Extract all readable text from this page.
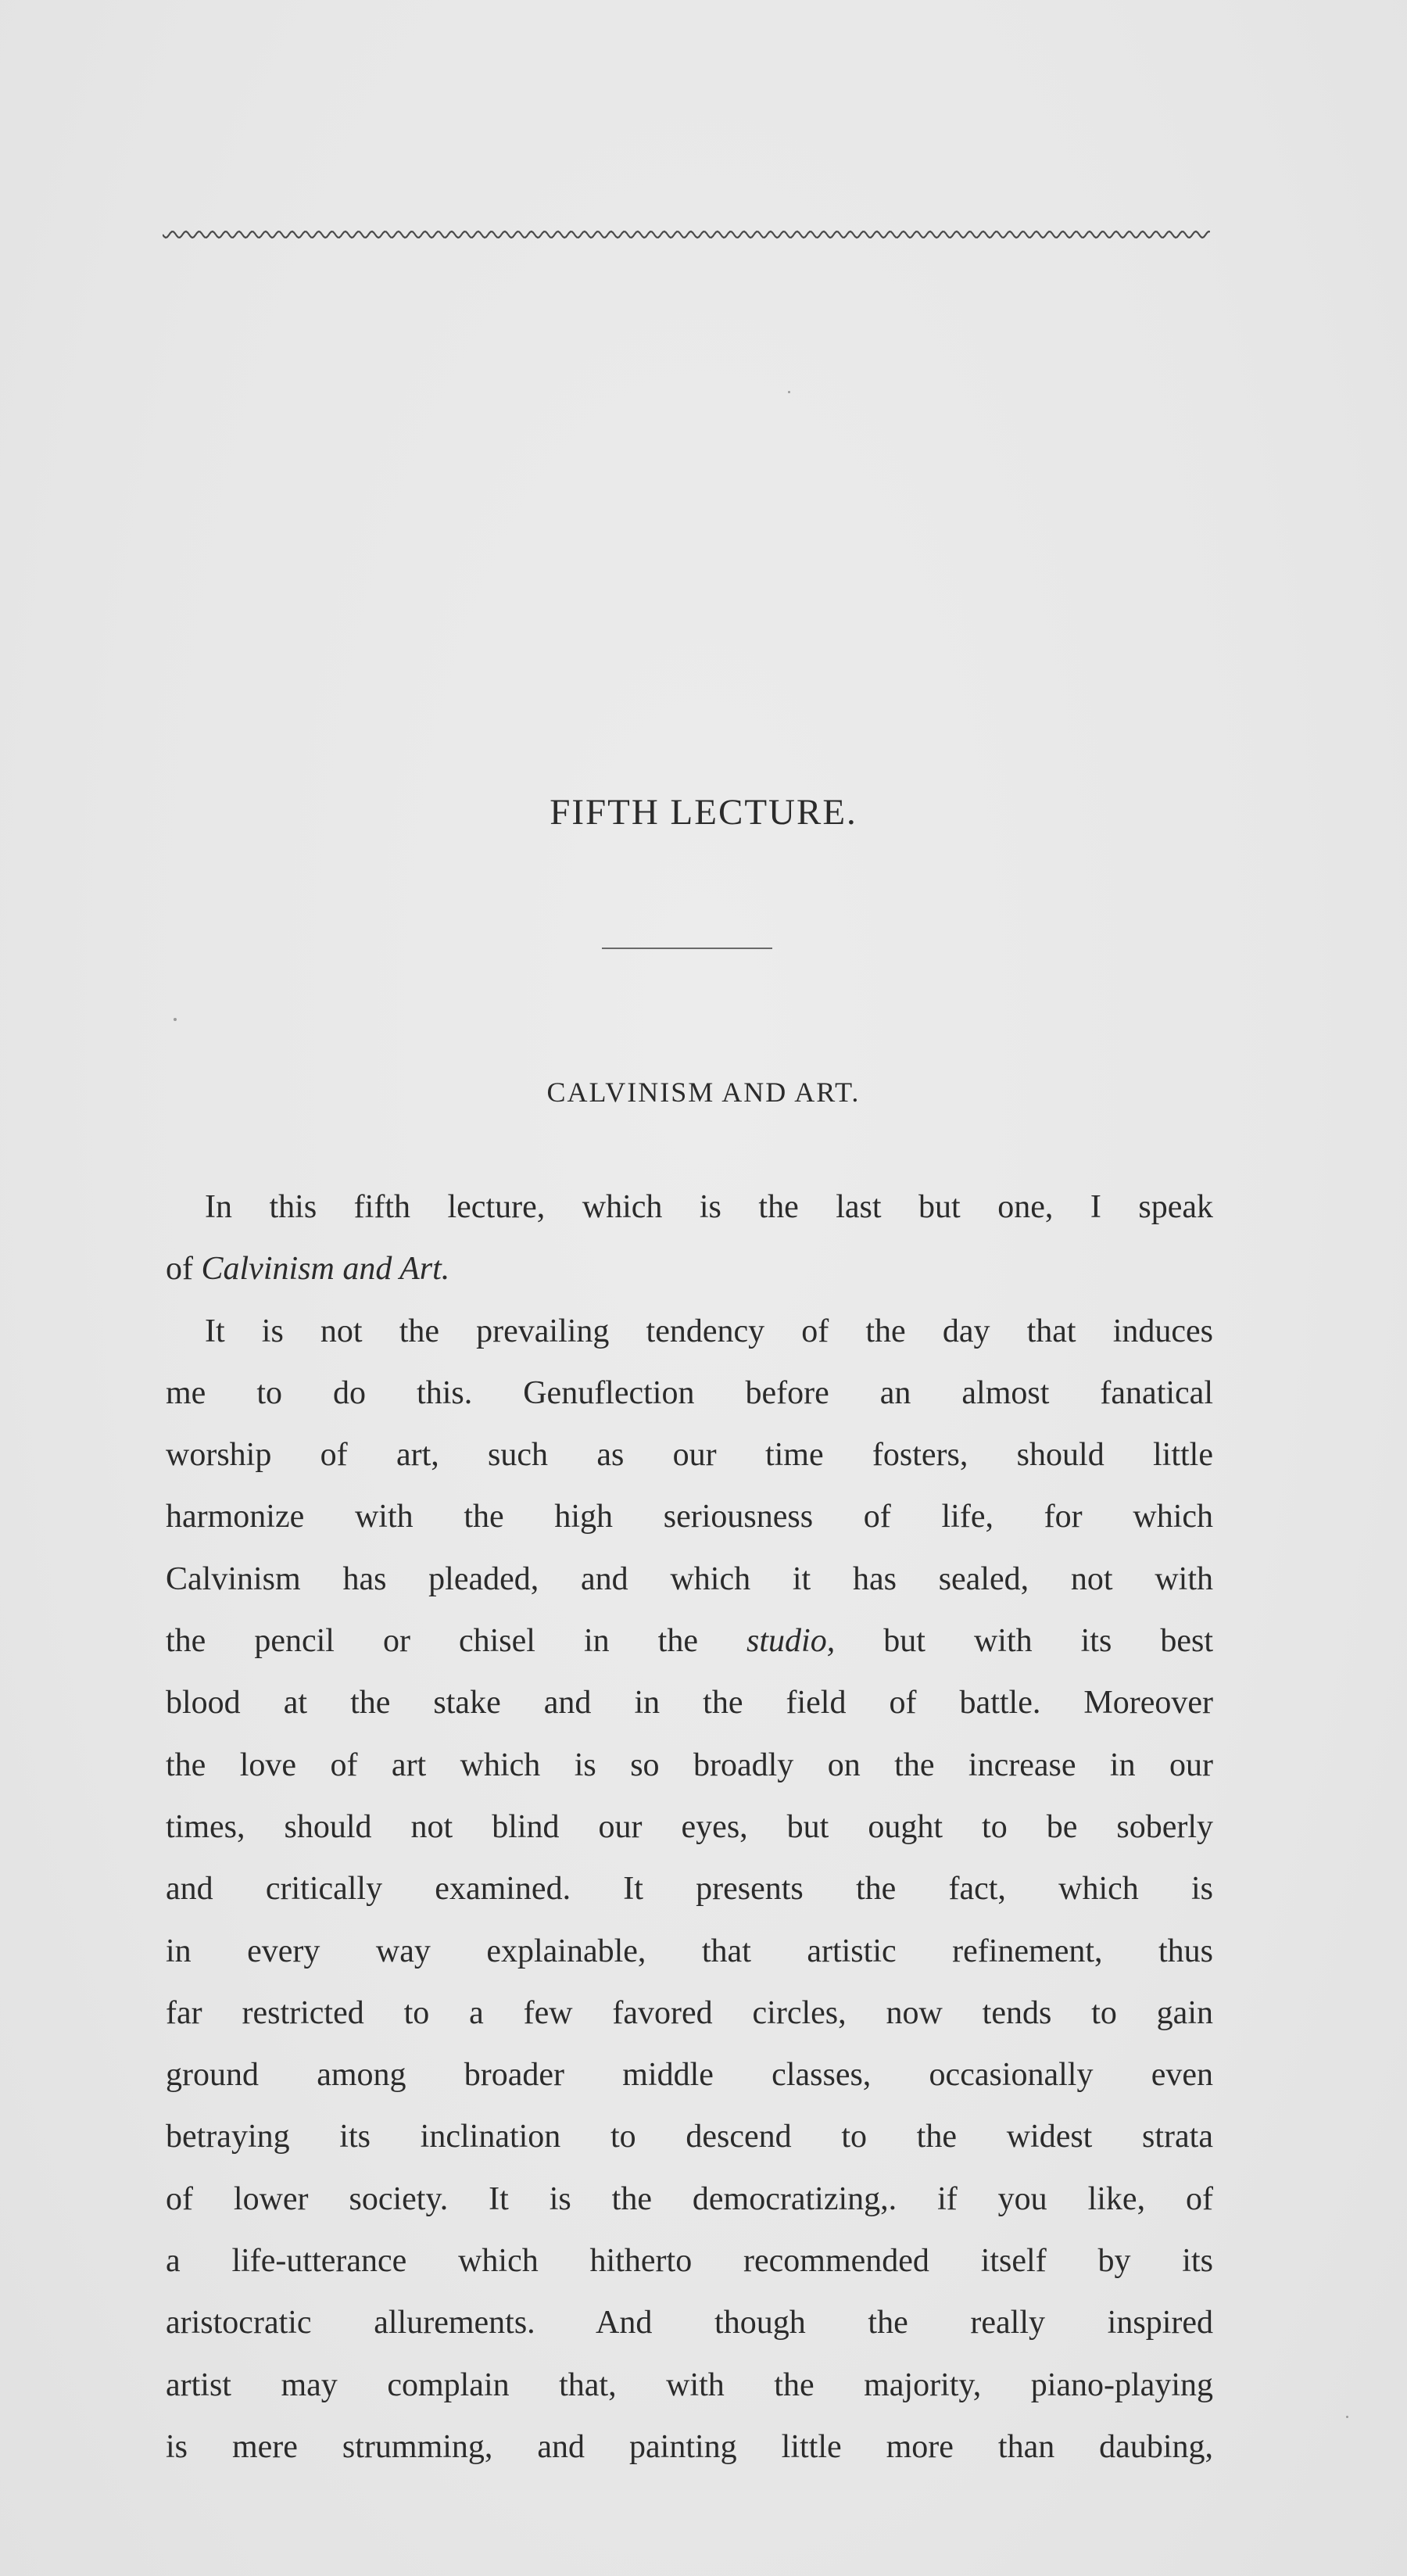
FIFTH LECTURE.
CALVINISM AND ART.
In this fifth lecture, which is the last but one, I speak
of Calvinism and Art.
It is not the prevailing tendency of the day that induces
me to do this. Genuflection before an almost fanatical
worship of art, such as our time fosters, should little
harmonize with the high seriousness of life, for which
Calvinism has pleaded, and which it has sealed, not with
the pencil or chisel in the studio, but with its best
blood at the stake and in the field of battle. Moreover
the love of art which is so broadly on the increase in our
times, should not blind our eyes, but ought to be soberly
and critically examined. It presents the fact, which is
in every way explainable, that artistic refinement, thus
far restricted to a few favored circles, now tends to gain
ground among broader middle classes, occasionally even
betraying its inclination to descend to the widest strata
of lower society. It is the democratizing,. if you like, of
a life-utterance which hitherto recommended itself by its
aristocratic allurements. And though the really inspired
artist may complain that, with the majority, piano-playing
is mere strumming, and painting little more than daubing,
